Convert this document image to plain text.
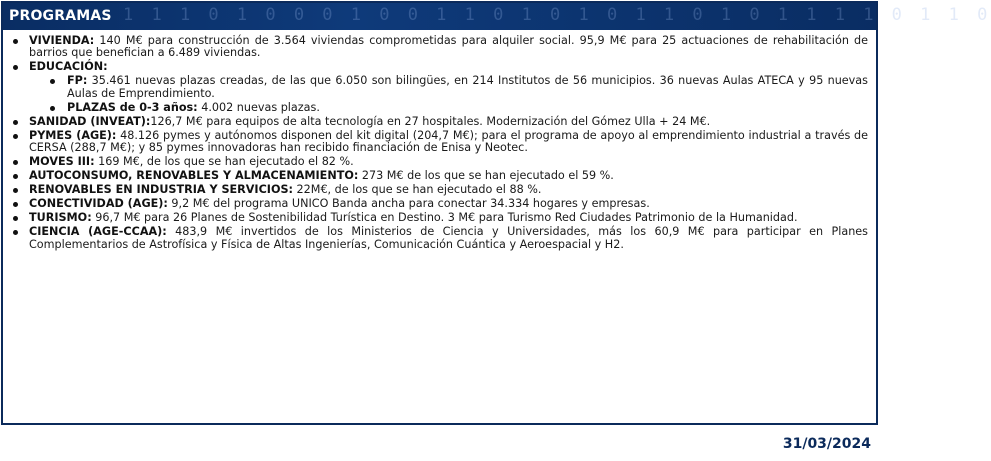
1 1 1 0 1 0 0 0 1 0 0 1 1 0 1 0 1 0 1 1 0 1 0 1 1 1 1 0 1 1 0
PROGRAMAS
VIVIENDA: 140 M€ para construcción de 3.564 viviendas comprometidas para alquiler social. 95,9 M€ para 25 actuaciones de rehabilitación de barrios que benefician a 6.489 viviendas.
EDUCACIÓN:
FP: 35.461 nuevas plazas creadas, de las que 6.050 son bilingües, en 214 Institutos de 56 municipios. 36 nuevas Aulas ATECA y 95 nuevas Aulas de Emprendimiento.
PLAZAS de 0-3 años: 4.002 nuevas plazas.
SANIDAD (INVEAT):126,7 M€ para equipos de alta tecnología en 27 hospitales. Modernización del Gómez Ulla + 24 M€.
PYMES (AGE): 48.126 pymes y autónomos disponen del kit digital (204,7 M€); para el programa de apoyo al emprendimiento industrial a través de CERSA (288,7 M€); y 85 pymes innovadoras han recibido financiación de Enisa y Neotec.
MOVES III: 169 M€, de los que se han ejecutado el 82 %.
AUTOCONSUMO, RENOVABLES Y ALMACENAMIENTO: 273 M€ de los que se han ejecutado el 59 %.
RENOVABLES EN INDUSTRIA Y SERVICIOS: 22M€, de los que se han ejecutado el 88 %.
CONECTIVIDAD (AGE): 9,2 M€ del programa UNICO Banda ancha para conectar 34.334 hogares y empresas.
TURISMO: 96,7 M€ para 26 Planes de Sostenibilidad Turística en Destino. 3 M€ para Turismo Red Ciudades Patrimonio de la Humanidad.
CIENCIA (AGE-CCAA): 483,9 M€ invertidos de los Ministerios de Ciencia y Universidades, más los 60,9 M€ para participar en Planes Complementarios de Astrofísica y Física de Altas Ingenierías, Comunicación Cuántica y Aeroespacial y H2.
31/03/2024
